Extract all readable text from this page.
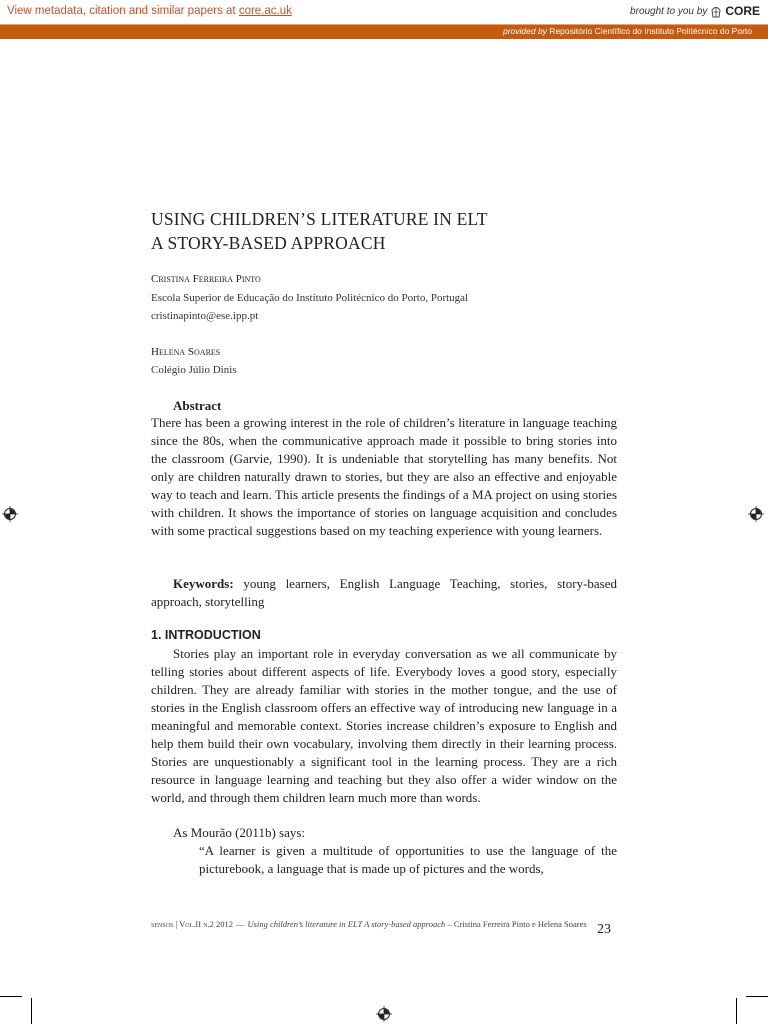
View metadata, citation and similar papers at core.ac.uk	brought to you by CORE
provided by Repositório Científico do Instituto Politécnico do Porto
USING CHILDREN’S LITERATURE IN ELT
A STORY-BASED APPROACH
Cristina Ferreira Pinto
Escola Superior de Educação do Instituto Politécnico do Porto, Portugal
cristinapinto@ese.ipp.pt
Helena Soares
Colégio Júlio Dinis
Abstract

There has been a growing interest in the role of children’s literature in language teaching since the 80s, when the communicative approach made it possible to bring stories into the classroom (Garvie, 1990). It is undeniable that storytelling has many benefits. Not only are children naturally drawn to stories, but they are also an effective and enjoyable way to teach and learn. This article presents the findings of a MA project on using stories with children. It shows the importance of stories on language acquisition and concludes with some practical suggestions based on my teaching experience with young learners.

Keywords: young learners, English Language Teaching, stories, story-based approach, storytelling

1. INTRODUCTION

Stories play an important role in everyday conversation as we all communicate by telling stories about different aspects of life. Everybody loves a good story, especially children. They are already familiar with stories in the mother tongue, and the use of stories in the English classroom offers an effective way of introducing new language in a meaningful and memorable context. Stories increase children’s exposure to English and help them build their own vocabulary, involving them directly in their learning process. Stories are unquestionably a significant tool in the learning process. They are a rich resource in language learning and teaching but they also offer a wider window on the world, and through them children learn much more than words.

As Mourão (2011b) says:

“A learner is given a multitude of opportunities to use the language of the picturebook, a language that is made up of pictures and the words,

sensos | Vol.II n.2 2012 — Using children’s literature in ELT A story-based approach – Cristina Ferreira Pinto e Helena Soares 23
